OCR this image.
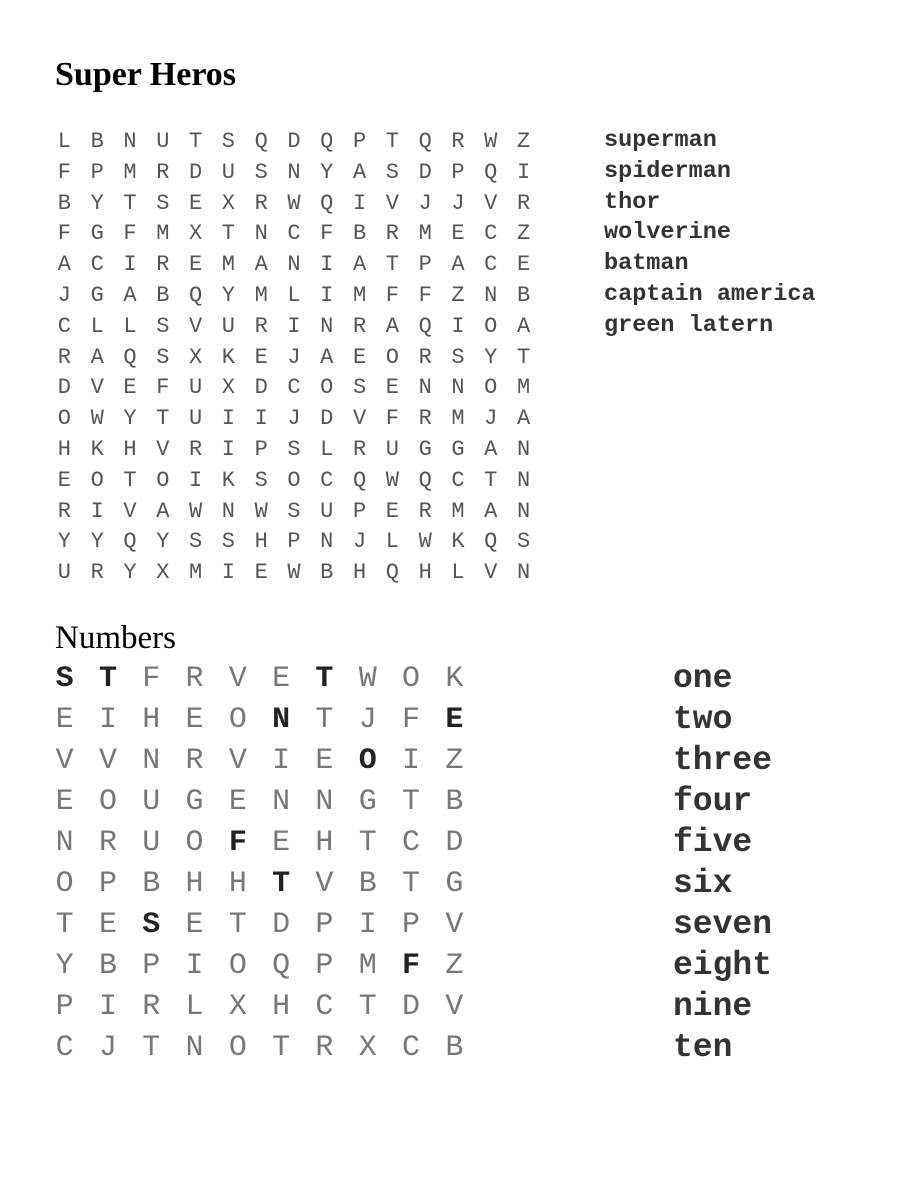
Super Heros
L B N U T S Q D Q P T Q R W Z
F P M R D U S N Y A S D P Q I
B Y T S E X R W Q I V J J V R
F G F M X T N C F B R M E C Z
A C I R E M A N I A T P A C E
J G A B Q Y M L I M F F Z N B
C L L S V U R I N R A Q I O A
R A Q S X K E J A E O R S Y T
D V E F U X D C O S E N N O M
O W Y T U I I J D V F R M J A
H K H V R I P S L R U G G A N
E O T O I K S O C Q W Q C T N
R I V A W N W S U P E R M A N
Y Y Q Y S S H P N J L W K Q S
U R Y X M I E W B H Q H L V N
superman
spiderman
thor
wolverine
batman
captain america
green latern
Numbers
S T F R V E T W O K
E I H E O N T J F E
V V N R V I E O I Z
E O U G E N N G T B
N R U O F E H T C D
O P B H H T V B T G
T E S E T D P I P V
Y B P I O Q P M F Z
P I R L X H C T D V
C J T N O T R X C B
one
two
three
four
five
six
seven
eight
nine
ten
